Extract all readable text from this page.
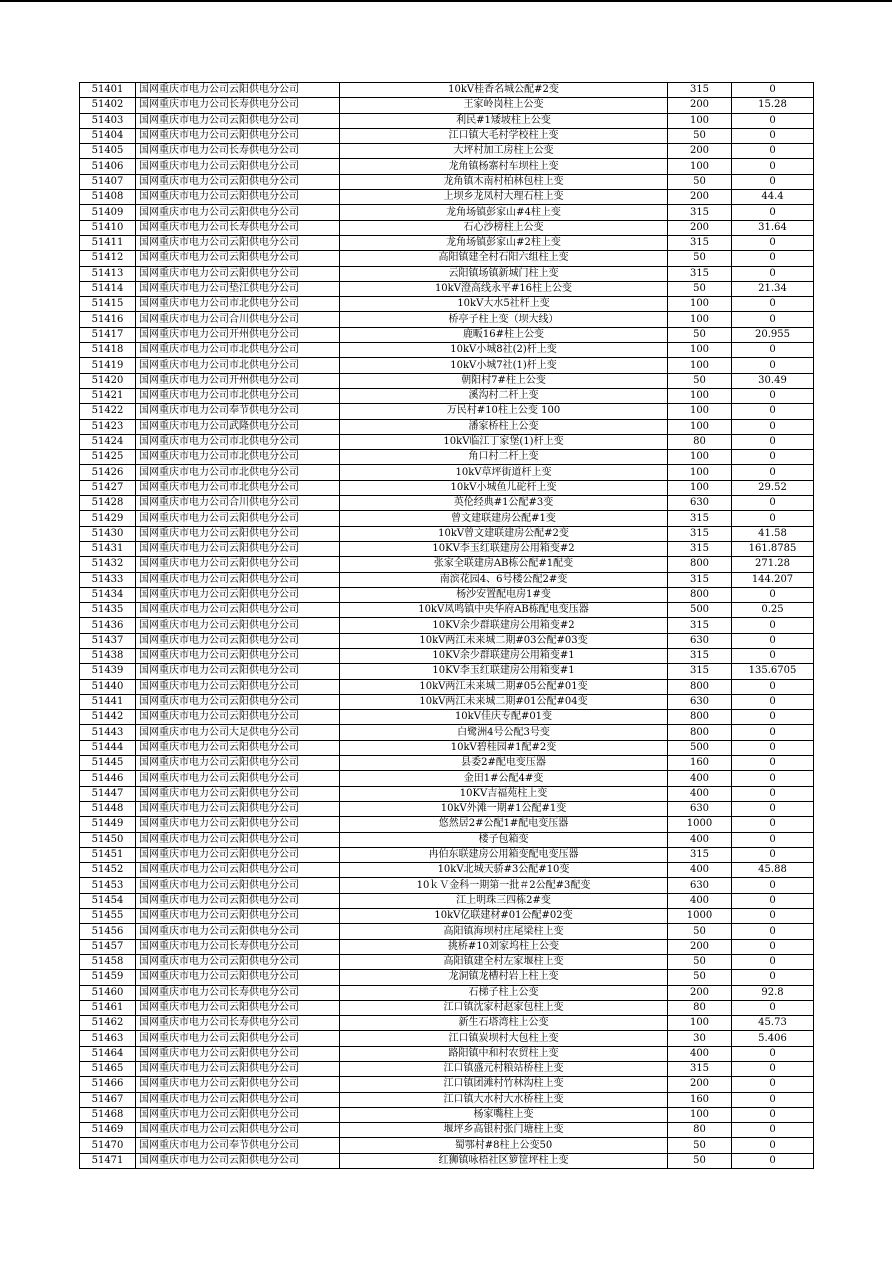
51401	国网重庆市电力公司云阳供电分公司	10kV桂香名城公配#2变	315	0
51402	国网重庆市电力公司长寿供电分公司	王家岭岗柱上公变	200	15.28
51403	国网重庆市电力公司云阳供电分公司	利民#1矮坡柱上公变	100	0
51404	国网重庆市电力公司云阳供电分公司	江口镇大毛村学校柱上变	50	0
51405	国网重庆市电力公司长寿供电分公司	大坪村加工房柱上公变	200	0
51406	国网重庆市电力公司云阳供电分公司	龙角镇杨寨村车坝柱上变	100	0
51407	国网重庆市电力公司云阳供电分公司	龙角镇木南村柏林包柱上变	50	0
51408	国网重庆市电力公司云阳供电分公司	上坝乡龙凤村大理石柱上变	200	44.4
51409	国网重庆市电力公司云阳供电分公司	龙角场镇彭家山#4柱上变	315	0
51410	国网重庆市电力公司长寿供电分公司	石心沙榜柱上公变	200	31.64
51411	国网重庆市电力公司云阳供电分公司	龙角场镇彭家山#2柱上变	315	0
51412	国网重庆市电力公司云阳供电分公司	高阳镇建全村石阳六组柱上变	50	0
51413	国网重庆市电力公司云阳供电分公司	云阳镇场镇新城门柱上变	315	0
51414	国网重庆市电力公司垫江供电分公司	10kV澄高线永平#16柱上公变	50	21.34
51415	国网重庆市电力公司市北供电分公司	10kV大水5社杆上变	100	0
51416	国网重庆市电力公司合川供电分公司	桥亭子柱上变（坝大线）	100	0
51417	国网重庆市电力公司开州供电分公司	鹿畈16#柱上公变	50	20.955
51418	国网重庆市电力公司市北供电分公司	10kV小城8社(2)杆上变	100	0
51419	国网重庆市电力公司市北供电分公司	10kV小城7社(1)杆上变	100	0
51420	国网重庆市电力公司开州供电分公司	朝阳村7#柱上公变	50	30.49
51421	国网重庆市电力公司市北供电分公司	溪沟村二杆上变	100	0
51422	国网重庆市电力公司奉节供电分公司	万民村#10柱上公变 100	100	0
51423	国网重庆市电力公司武隆供电分公司	潘家桥柱上公变	100	0
51424	国网重庆市电力公司市北供电分公司	10kV临江丁家堡(1)杆上变	80	0
51425	国网重庆市电力公司市北供电分公司	角口村二杆上变	100	0
51426	国网重庆市电力公司市北供电分公司	10kV草坪街道杆上变	100	0
51427	国网重庆市电力公司市北供电分公司	10kV小城鱼儿砣杆上变	100	29.52
51428	国网重庆市电力公司合川供电分公司	英伦经典#1公配#3变	630	0
51429	国网重庆市电力公司云阳供电分公司	曾文建联建房公配#1变	315	0
51430	国网重庆市电力公司云阳供电分公司	10kV曾文建联建房公配#2变	315	41.58
51431	国网重庆市电力公司云阳供电分公司	10KV李玉红联建房公用箱变#2	315	161.8785
51432	国网重庆市电力公司云阳供电分公司	张家全联建房AB栋公配#1配变	800	271.28
51433	国网重庆市电力公司云阳供电分公司	南滨花园4、6号楼公配2#变	315	144.207
51434	国网重庆市电力公司云阳供电分公司	杨沙安置配电房1#变	800	0
51435	国网重庆市电力公司云阳供电分公司	10kV凤鸣镇中央华府AB栋配电变压器	500	0.25
51436	国网重庆市电力公司云阳供电分公司	10KV余少群联建房公用箱变#2	315	0
51437	国网重庆市电力公司云阳供电分公司	10kV两江未来城二期#03公配#03变	630	0
51438	国网重庆市电力公司云阳供电分公司	10KV余少群联建房公用箱变#1	315	0
51439	国网重庆市电力公司云阳供电分公司	10KV李玉红联建房公用箱变#1	315	135.6705
51440	国网重庆市电力公司云阳供电分公司	10kV两江未来城二期#05公配#01变	800	0
51441	国网重庆市电力公司云阳供电分公司	10kV两江未来城二期#01公配#04变	630	0
51442	国网重庆市电力公司云阳供电分公司	10kV佳庆专配#01变	800	0
51443	国网重庆市电力公司大足供电分公司	白鹭洲4号公配3号变	800	0
51444	国网重庆市电力公司云阳供电分公司	10kV碧桂园#1配#2变	500	0
51445	国网重庆市电力公司云阳供电分公司	县委2#配电变压器	160	0
51446	国网重庆市电力公司云阳供电分公司	金田1#公配4#变	400	0
51447	国网重庆市电力公司云阳供电分公司	10KV吉福苑柱上变	400	0
51448	国网重庆市电力公司云阳供电分公司	10kV外滩一期#1公配#1变	630	0
51449	国网重庆市电力公司云阳供电分公司	悠然居2#公配1#配电变压器	1000	0
51450	国网重庆市电力公司云阳供电分公司	楼子包箱变	400	0
51451	国网重庆市电力公司云阳供电分公司	冉伯东联建房公用箱变配电变压器	315	0
51452	国网重庆市电力公司云阳供电分公司	10kV北城天骄#3公配#10变	400	45.88
51453	国网重庆市电力公司云阳供电分公司	10ｋＶ金科一期第一批＃2公配#3配变	630	0
51454	国网重庆市电力公司云阳供电分公司	江上明珠三四栋2#变	400	0
51455	国网重庆市电力公司云阳供电分公司	10kV亿联建材#01公配#02变	1000	0
51456	国网重庆市电力公司云阳供电分公司	高阳镇海坝村庄尾梁柱上变	50	0
51457	国网重庆市电力公司长寿供电分公司	挑桥#10刘家坞柱上公变	200	0
51458	国网重庆市电力公司云阳供电分公司	高阳镇建全村左家堰柱上变	50	0
51459	国网重庆市电力公司云阳供电分公司	龙洞镇龙槽村岩上柱上变	50	0
51460	国网重庆市电力公司长寿供电分公司	石梯子柱上公变	200	92.8
51461	国网重庆市电力公司云阳供电分公司	江口镇沈家村赵家包柱上变	80	0
51462	国网重庆市电力公司长寿供电分公司	新生石塔湾柱上公变	100	45.73
51463	国网重庆市电力公司云阳供电分公司	江口镇炭坝村大包柱上变	30	5.406
51464	国网重庆市电力公司云阳供电分公司	路阳镇中和村农贸柱上变	400	0
51465	国网重庆市电力公司云阳供电分公司	江口镇盛元村粮站桥柱上变	315	0
51466	国网重庆市电力公司云阳供电分公司	江口镇团滩村竹林沟柱上变	200	0
51467	国网重庆市电力公司云阳供电分公司	江口镇大水村大水桥柱上变	160	0
51468	国网重庆市电力公司云阳供电分公司	杨家嘴柱上变	100	0
51469	国网重庆市电力公司云阳供电分公司	堰坪乡高银村张门塘柱上变	80	0
51470	国网重庆市电力公司奉节供电分公司	蜀鄂村#8柱上公变50	50	0
51471	国网重庆市电力公司云阳供电分公司	红狮镇咏梧社区箩筐坪柱上变	50	0
